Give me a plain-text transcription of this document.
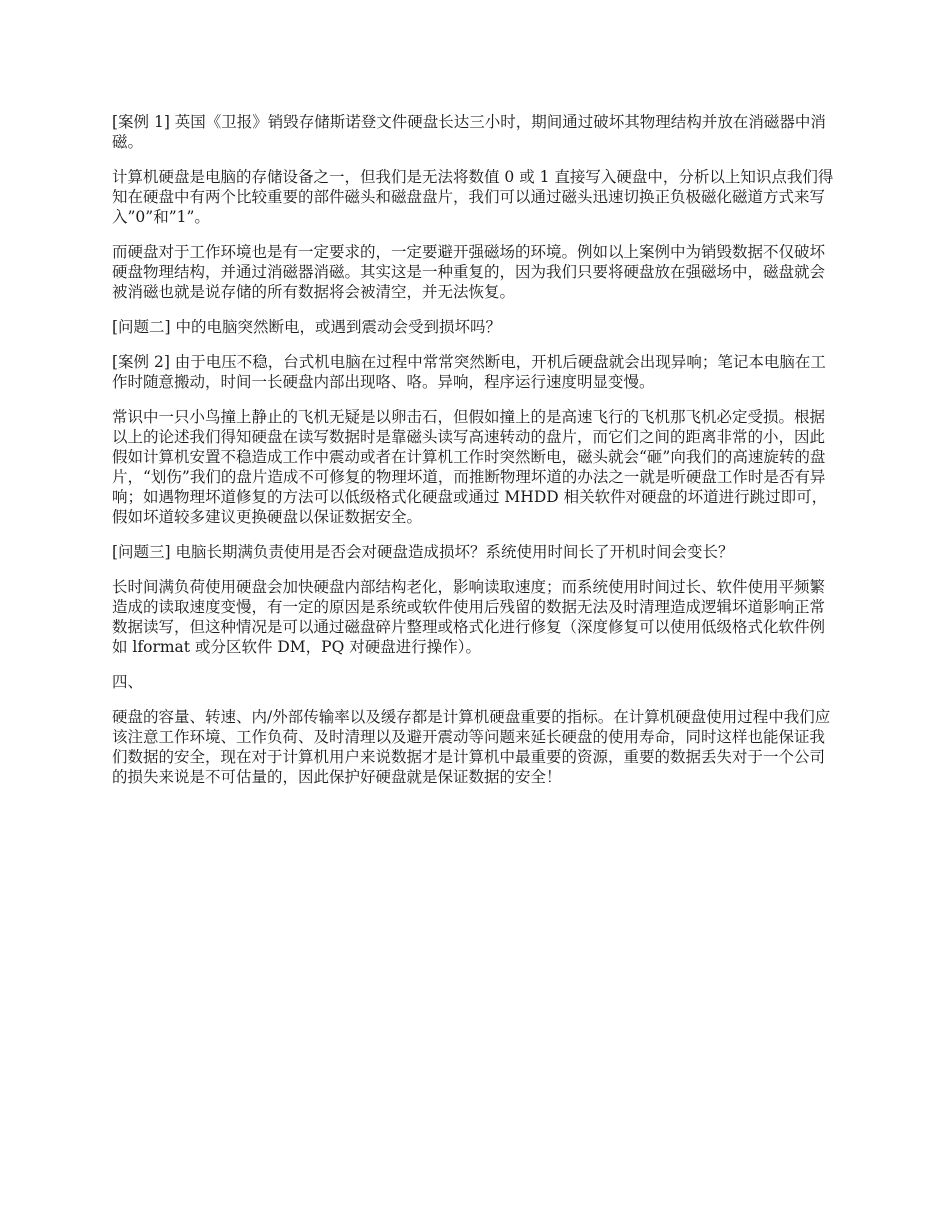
[案例 1] 英国《卫报》销毁存储斯诺登文件硬盘长达三小时，期间通过破坏其物理结构并放在消磁器中消磁。

计算机硬盘是电脑的存储设备之一，但我们是无法将数值 0 或 1 直接写入硬盘中，分析以上知识点我们得知在硬盘中有两个比较重要的部件磁头和磁盘盘片，我们可以通过磁头迅速切换正负极磁化磁道方式来写入”0”和”1”。

而硬盘对于工作环境也是有一定要求的，一定要避开强磁场的环境。例如以上案例中为销毁数据不仅破坏硬盘物理结构，并通过消磁器消磁。其实这是一种重复的，因为我们只要将硬盘放在强磁场中，磁盘就会被消磁也就是说存储的所有数据将会被清空，并无法恢复。

[问题二] 中的电脑突然断电，或遇到震动会受到损坏吗？

[案例 2] 由于电压不稳，台式机电脑在过程中常常突然断电，开机后硬盘就会出现异响；笔记本电脑在工作时随意搬动，时间一长硬盘内部出现咯、咯。异响，程序运行速度明显变慢。

常识中一只小鸟撞上静止的飞机无疑是以卵击石，但假如撞上的是高速飞行的飞机那飞机必定受损。根据以上的论述我们得知硬盘在读写数据时是靠磁头读写高速转动的盘片，而它们之间的距离非常的小，因此假如计算机安置不稳造成工作中震动或者在计算机工作时突然断电，磁头就会“砸”向我们的高速旋转的盘片，“划伤”我们的盘片造成不可修复的物理坏道，而推断物理坏道的办法之一就是听硬盘工作时是否有异响；如遇物理坏道修复的方法可以低级格式化硬盘或通过 MHDD 相关软件对硬盘的坏道进行跳过即可，假如坏道较多建议更换硬盘以保证数据安全。

[问题三] 电脑长期满负责使用是否会对硬盘造成损坏？系统使用时间长了开机时间会变长？

长时间满负荷使用硬盘会加快硬盘内部结构老化，影响读取速度；而系统使用时间过长、软件使用平频繁造成的读取速度变慢，有一定的原因是系统或软件使用后残留的数据无法及时清理造成逻辑坏道影响正常数据读写，但这种情况是可以通过磁盘碎片整理或格式化进行修复（深度修复可以使用低级格式化软件例如 lformat 或分区软件 DM，PQ 对硬盘进行操作）。

四、

硬盘的容量、转速、内/外部传输率以及缓存都是计算机硬盘重要的指标。在计算机硬盘使用过程中我们应该注意工作环境、工作负荷、及时清理以及避开震动等问题来延长硬盘的使用寿命，同时这样也能保证我们数据的安全，现在对于计算机用户来说数据才是计算机中最重要的资源，重要的数据丢失对于一个公司的损失来说是不可估量的，因此保护好硬盘就是保证数据的安全！
